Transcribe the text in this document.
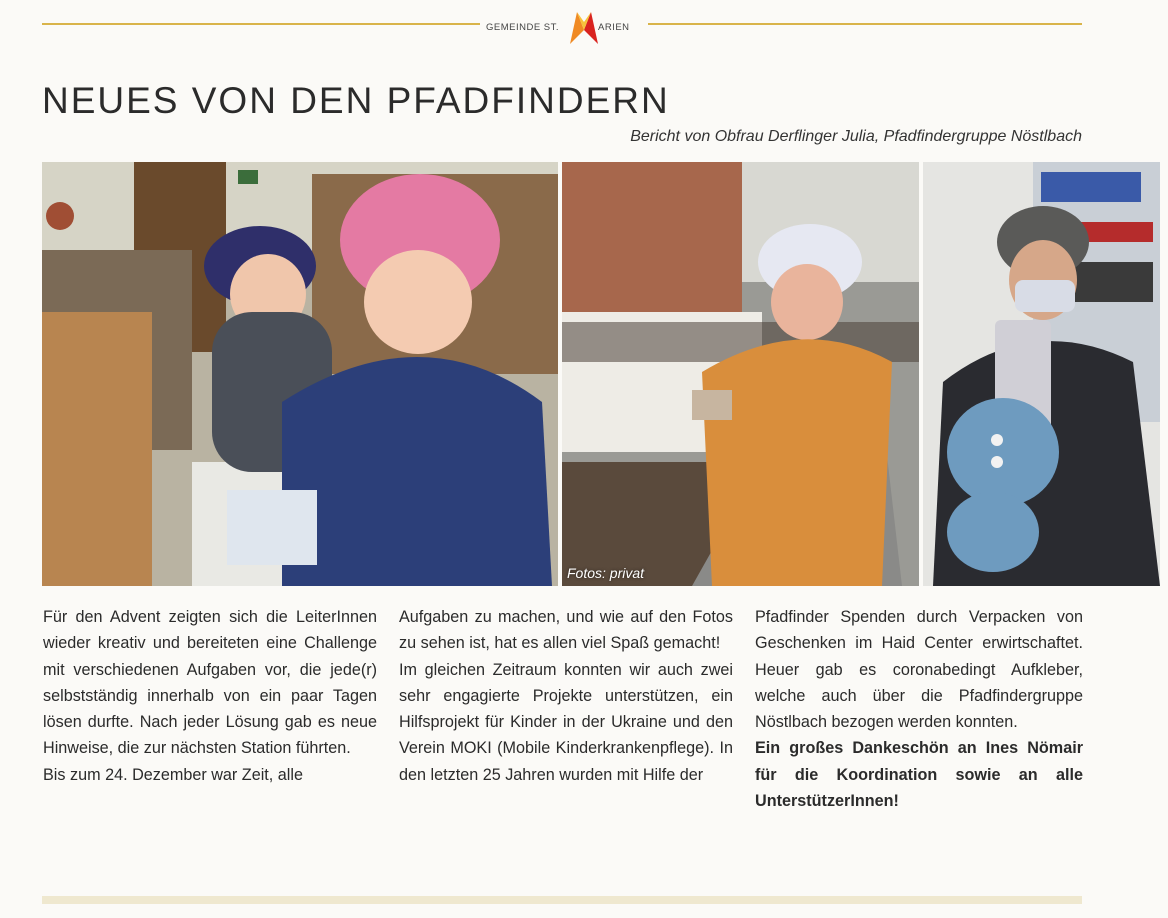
GEMEINDE ST.	ARIEN
NEUES VON DEN PFADFINDERN
Bericht von Obfrau Derflinger Julia, Pfadfindergruppe Nöstlbach
Fotos: privat

Für den Advent zeigten sich die LeiterInnen wieder kreativ und bereiteten eine Challenge mit verschiedenen Aufgaben vor, die jede(r) selbstständig innerhalb von ein paar Tagen lösen durfte. Nach jeder Lösung gab es neue Hinweise, die zur nächsten Station führten.

Bis zum 24. Dezember war Zeit, alle

Aufgaben zu machen, und wie auf den Fotos zu sehen ist, hat es allen viel Spaß gemacht!

Im gleichen Zeitraum konnten wir auch zwei sehr engagierte Projekte unterstützen, ein Hilfsprojekt für Kinder in der Ukraine und den Verein MOKI (Mobile Kinderkrankenpflege). In den letzten 25 Jahren wurden mit Hilfe der

Pfadfinder Spenden durch Verpacken von Geschenken im Haid Center erwirtschaftet. Heuer gab es coronabedingt Aufkleber, welche auch über die Pfadfindergruppe Nöstlbach bezogen werden konnten.

Ein großes Dankeschön an Ines Nömair für die Koordination sowie an alle UnterstützerInnen!
